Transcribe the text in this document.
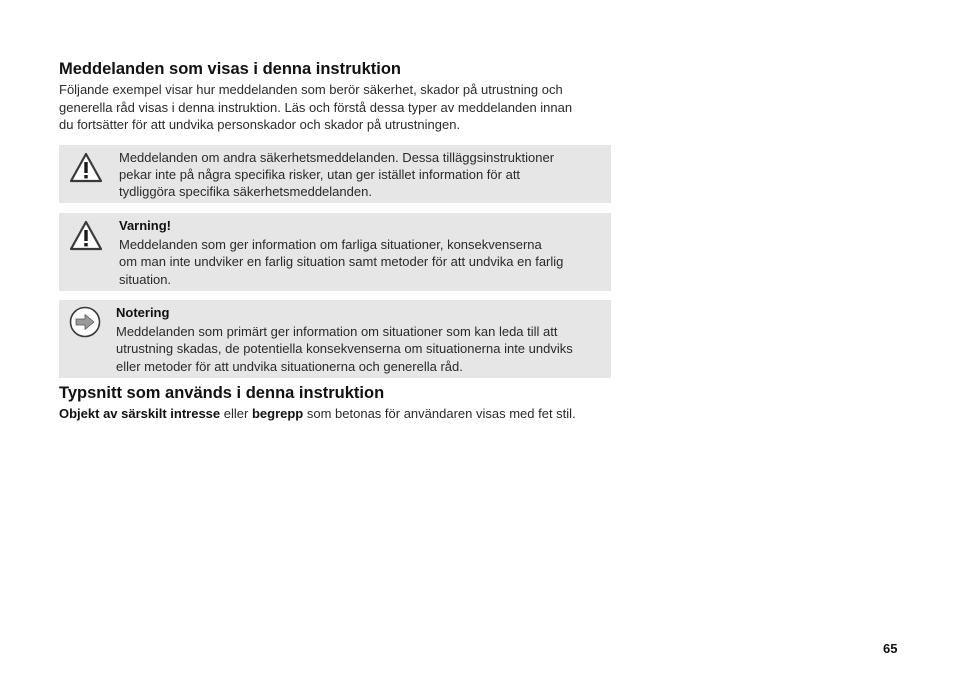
Meddelanden som visas i denna instruktion

Följande exempel visar hur meddelanden som berör säkerhet, skador på utrustning och
generella råd visas i denna instruktion. Läs och förstå dessa typer av meddelanden innan
du fortsätter för att undvika personskador och skador på utrustningen.

Meddelanden om andra säkerhetsmeddelanden. Dessa tilläggsinstruktioner
pekar inte på några specifika risker, utan ger istället information för att
tydliggöra specifika säkerhetsmeddelanden.

Varning!

Meddelanden som ger information om farliga situationer, konsekvenserna
om man inte undviker en farlig situation samt metoder för att undvika en farlig
situation.

Notering

Meddelanden som primärt ger information om situationer som kan leda till att
utrustning skadas, de potentiella konsekvenserna om situationerna inte undviks
eller metoder för att undvika situationerna och generella råd.

Typsnitt som används i denna instruktion

Objekt av särskilt intresse eller begrepp som betonas för användaren visas med fet stil.

65
